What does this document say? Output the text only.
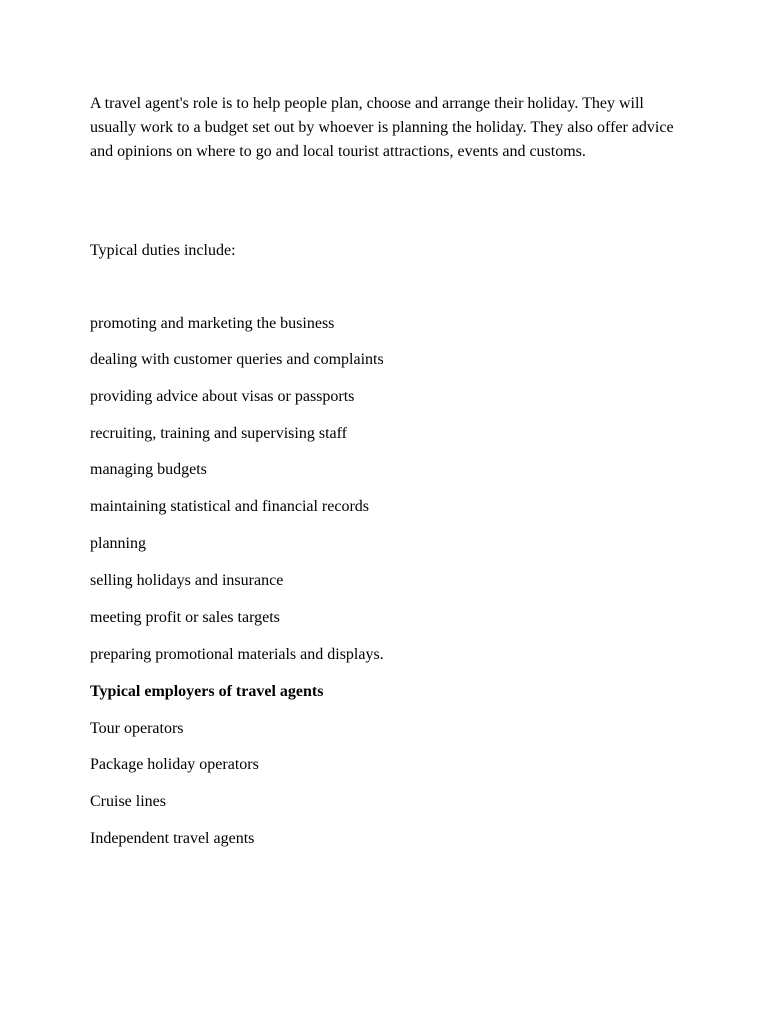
A travel agent's role is to help people plan, choose and arrange their holiday. They will usually work to a budget set out by whoever is planning the holiday. They also offer advice and opinions on where to go and local tourist attractions, events and customs.

Typical duties include:

promoting and marketing the business

dealing with customer queries and complaints

providing advice about visas or passports

recruiting, training and supervising staff

managing budgets

maintaining statistical and financial records

planning

selling holidays and insurance

meeting profit or sales targets

preparing promotional materials and displays.

Typical employers of travel agents

Tour operators

Package holiday operators

Cruise lines

Independent travel agents
